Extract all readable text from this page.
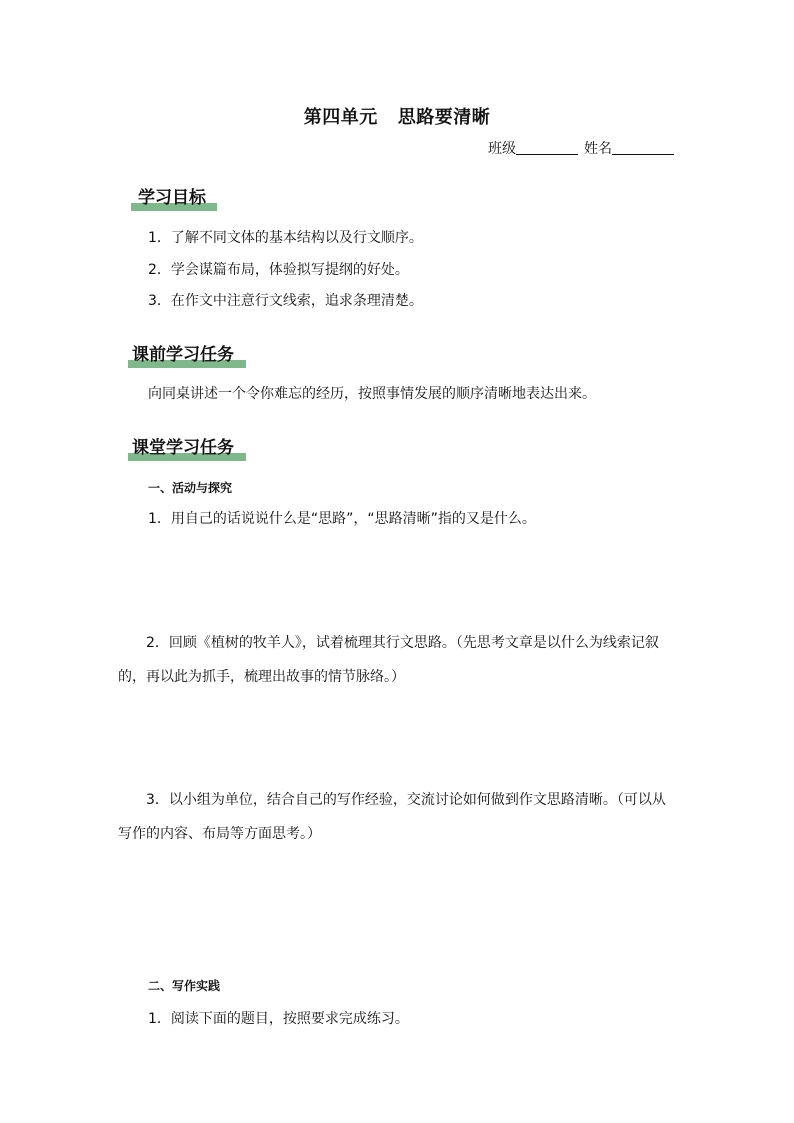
第四单元 思路要清晰
班级	姓名
学习目标
1．了解不同文体的基本结构以及行文顺序。
2．学会谋篇布局，体验拟写提纲的好处。
3．在作文中注意行文线索，追求条理清楚。
课前学习任务
向同桌讲述一个令你难忘的经历，按照事情发展的顺序清晰地表达出来。
课堂学习任务
一、活动与探究
1．用自己的话说说什么是“思路”，“思路清晰”指的又是什么。
2．回顾《植树的牧羊人》，试着梳理其行文思路。（先思考文章是以什么为线索记叙的，再以此为抓手，梳理出故事的情节脉络。）
3．以小组为单位，结合自己的写作经验，交流讨论如何做到作文思路清晰。（可以从写作的内容、布局等方面思考。）
二、写作实践
1．阅读下面的题目，按照要求完成练习。
